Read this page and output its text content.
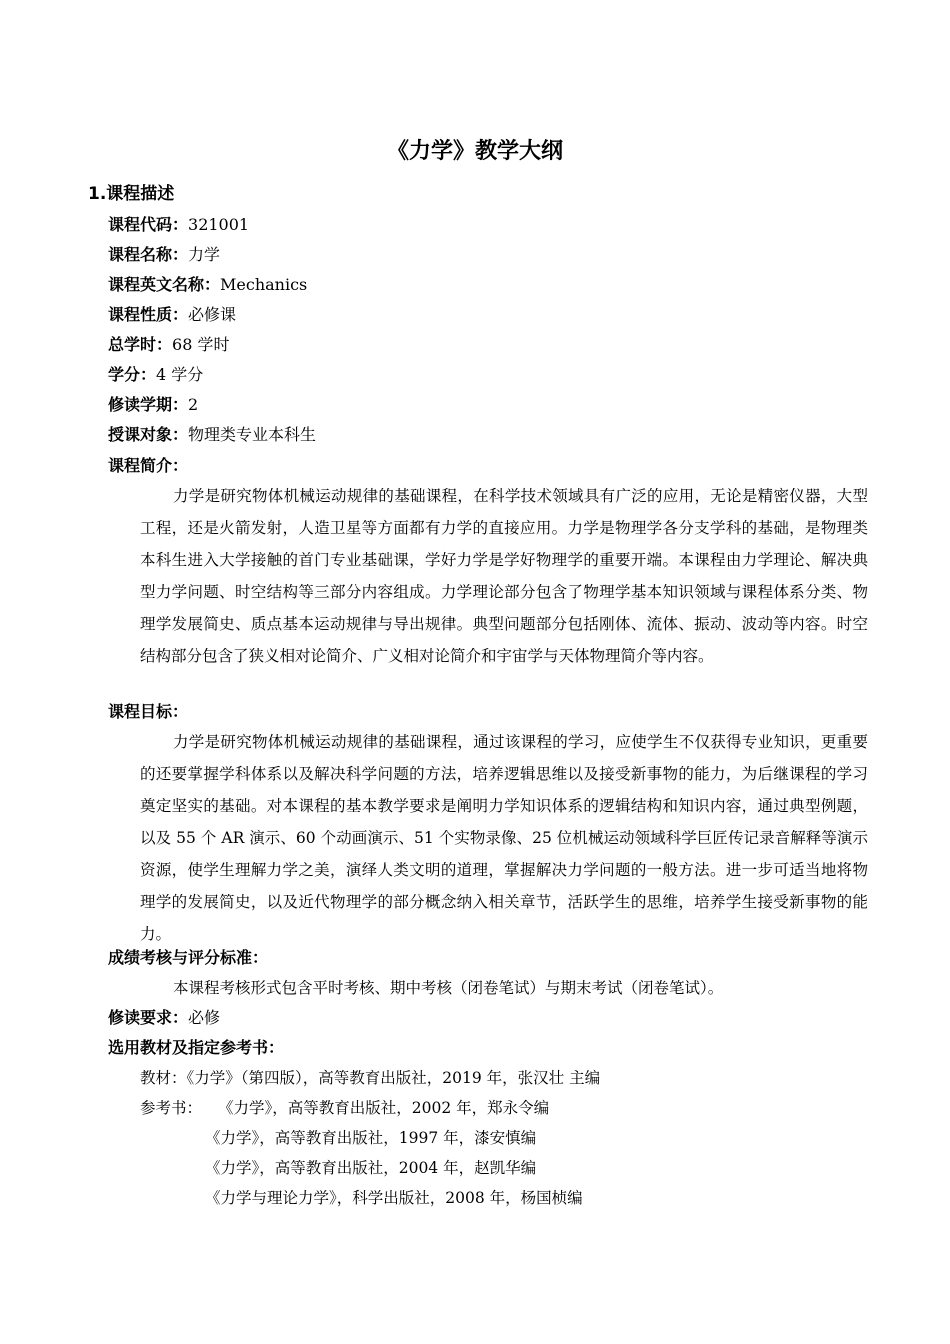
《力学》教学大纲
1.课程描述
课程代码：321001
课程名称：力学
课程英文名称：Mechanics
课程性质：必修课
总学时：68 学时
学分：4 学分
修读学期：2
授课对象：物理类专业本科生
课程简介：
力学是研究物体机械运动规律的基础课程，在科学技术领域具有广泛的应用，无论是精密仪器，大型工程，还是火箭发射，人造卫星等方面都有力学的直接应用。力学是物理学各分支学科的基础，是物理类本科生进入大学接触的首门专业基础课，学好力学是学好物理学的重要开端。本课程由力学理论、解决典型力学问题、时空结构等三部分内容组成。力学理论部分包含了物理学基本知识领域与课程体系分类、物理学发展简史、质点基本运动规律与导出规律。典型问题部分包括刚体、流体、振动、波动等内容。时空结构部分包含了狭义相对论简介、广义相对论简介和宇宙学与天体物理简介等内容。
课程目标：
力学是研究物体机械运动规律的基础课程，通过该课程的学习，应使学生不仅获得专业知识，更重要的还要掌握学科体系以及解决科学问题的方法，培养逻辑思维以及接受新事物的能力，为后继课程的学习奠定坚实的基础。对本课程的基本教学要求是阐明力学知识体系的逻辑结构和知识内容，通过典型例题，以及 55 个 AR 演示、60 个动画演示、51 个实物录像、25 位机械运动领域科学巨匠传记录音解释等演示资源，使学生理解力学之美，演绎人类文明的道理，掌握解决力学问题的一般方法。进一步可适当地将物理学的发展简史，以及近代物理学的部分概念纳入相关章节，活跃学生的思维，培养学生接受新事物的能力。
成绩考核与评分标准：
本课程考核形式包含平时考核、期中考核（闭卷笔试）与期末考试（闭卷笔试）。
修读要求：必修
选用教材及指定参考书：
教材：《力学》（第四版），高等教育出版社，2019 年，张汉壮 主编
参考书： 《力学》，高等教育出版社，2002 年，郑永令编
《力学》，高等教育出版社，1997 年，漆安慎编
《力学》，高等教育出版社，2004 年，赵凯华编
《力学与理论力学》，科学出版社，2008 年，杨国桢编
